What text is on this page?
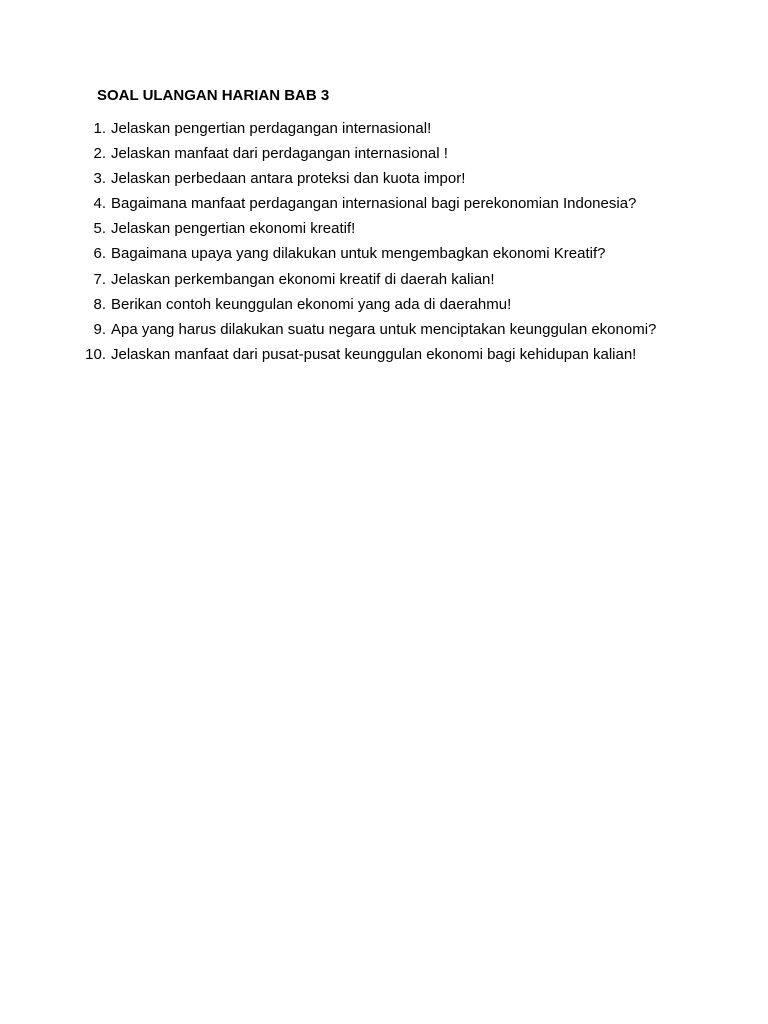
SOAL ULANGAN HARIAN BAB 3
1. Jelaskan pengertian perdagangan internasional!
2. Jelaskan manfaat dari perdagangan internasional !
3. Jelaskan perbedaan antara proteksi dan kuota impor!
4. Bagaimana manfaat perdagangan internasional bagi perekonomian Indonesia?
5. Jelaskan pengertian ekonomi kreatif!
6. Bagaimana upaya yang dilakukan untuk mengembagkan ekonomi Kreatif?
7. Jelaskan perkembangan ekonomi kreatif di daerah kalian!
8. Berikan contoh keunggulan ekonomi yang ada di daerahmu!
9. Apa yang harus dilakukan suatu negara untuk menciptakan keunggulan ekonomi?
10. Jelaskan manfaat dari pusat-pusat keunggulan ekonomi bagi kehidupan kalian!
